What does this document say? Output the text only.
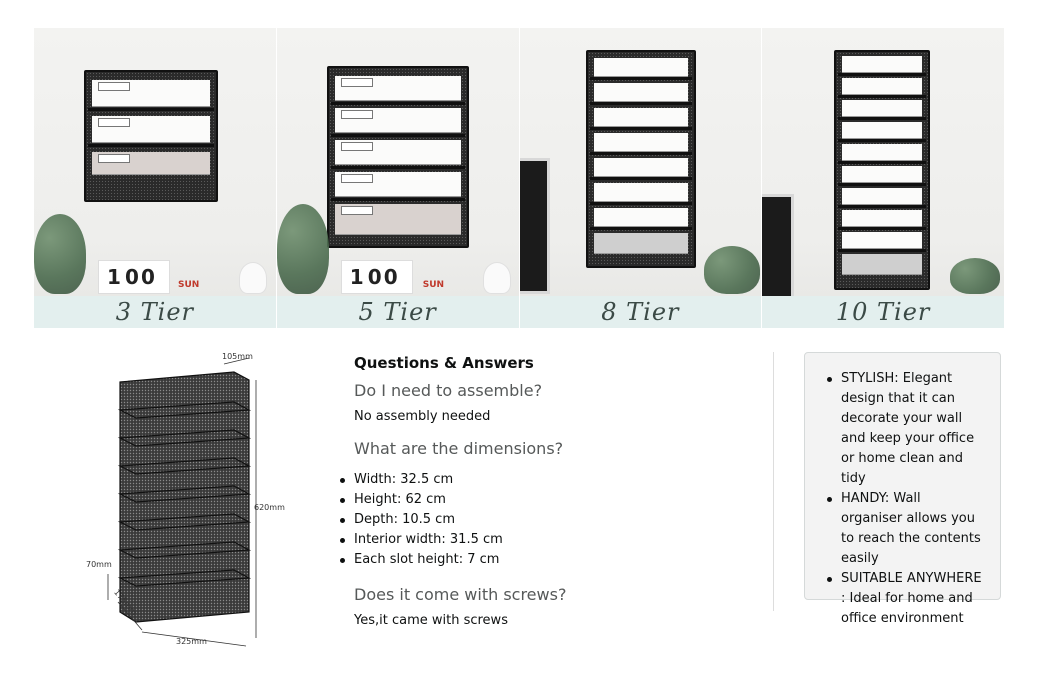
1 0 0	SUN
3 Tier
1 0 0	SUN
5 Tier	8 Tier	10 Tier
105mm
620mm
70mm
175mm
325mm
Questions & Answers
Do I need to assemble?
No assembly needed
What are the dimensions?
Width: 32.5 cm
Height: 62 cm
Depth: 10.5 cm
Interior width: 31.5 cm
Each slot height: 7 cm
Does it come with screws?
Yes,it came with screws
STYLISH: Elegant design that it can decorate your wall and keep your office or home clean and tidy
HANDY: Wall organiser allows you to reach the contents easily
SUITABLE ANYWHERE : Ideal for home and office environment
